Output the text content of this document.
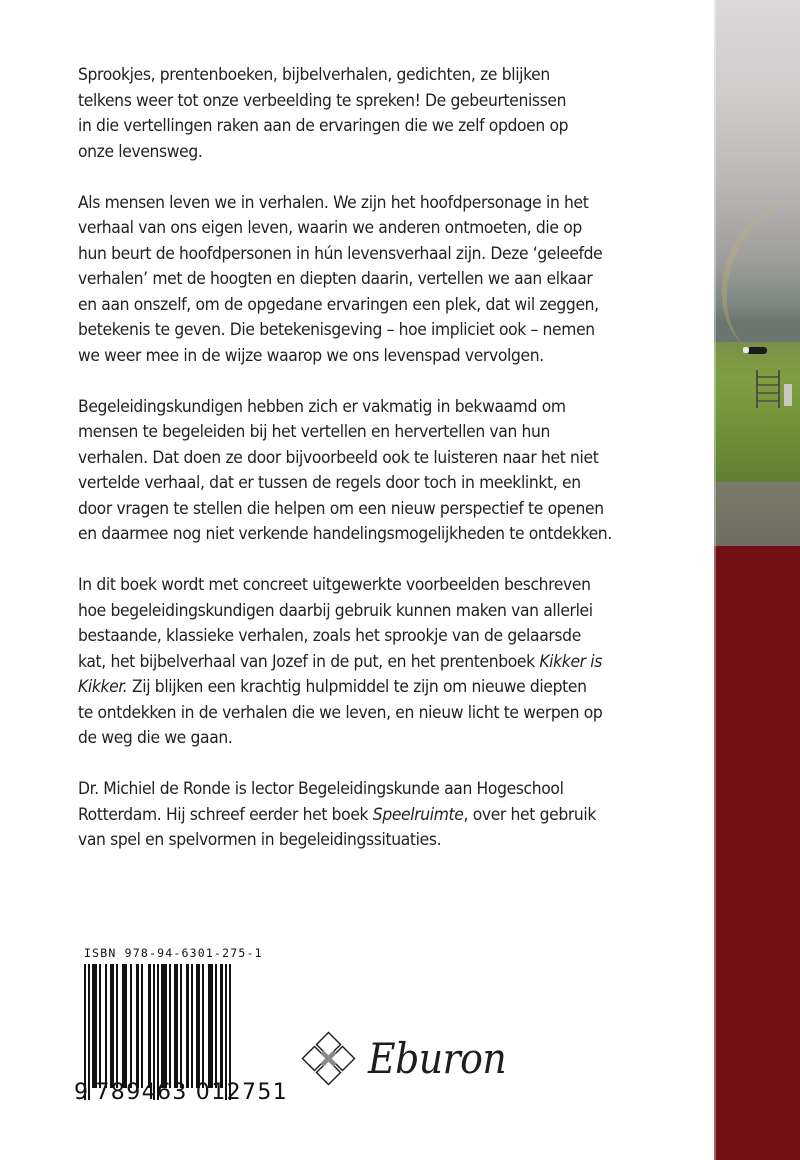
Sprookjes, prentenboeken, bijbelverhalen, gedichten, ze blijken
telkens weer tot onze verbeelding te spreken! De gebeurtenissen
in die vertellingen raken aan de ervaringen die we zelf opdoen op
onze levensweg.

Als mensen leven we in verhalen. We zijn het hoofdpersonage in het
verhaal van ons eigen leven, waarin we anderen ontmoeten, die op
hun beurt de hoofdpersonen in hún levensverhaal zijn. Deze ‘geleefde
verhalen’ met de hoogten en diepten daarin, vertellen we aan elkaar
en aan onszelf, om de opgedane ervaringen een plek, dat wil zeggen,
betekenis te geven. Die betekenisgeving – hoe impliciet ook – nemen
we weer mee in de wijze waarop we ons levenspad vervolgen.

Begeleidingskundigen hebben zich er vakmatig in bekwaamd om
mensen te begeleiden bij het vertellen en hervertellen van hun
verhalen. Dat doen ze door bijvoorbeeld ook te luisteren naar het niet
vertelde verhaal, dat er tussen de regels door toch in meeklinkt, en
door vragen te stellen die helpen om een nieuw perspectief te openen
en daarmee nog niet verkende handelingsmogelijkheden te ontdekken.

In dit boek wordt met concreet uitgewerkte voorbeelden beschreven
hoe begeleidingskundigen daarbij gebruik kunnen maken van allerlei
bestaande, klassieke verhalen, zoals het sprookje van de gelaarsde
kat, het bijbelverhaal van Jozef in de put, en het prentenboek Kikker is
Kikker. Zij blijken een krachtig hulpmiddel te zijn om nieuwe diepten
te ontdekken in de verhalen die we leven, en nieuw licht te werpen op
de weg die we gaan.

Dr. Michiel de Ronde is lector Begeleidingskunde aan Hogeschool
Rotterdam. Hij schreef eerder het boek Speelruimte, over het gebruik
van spel en spelvormen in begeleidingssituaties.

ISBN 978-94-6301-275-1
9 789463 012751
Eburon
